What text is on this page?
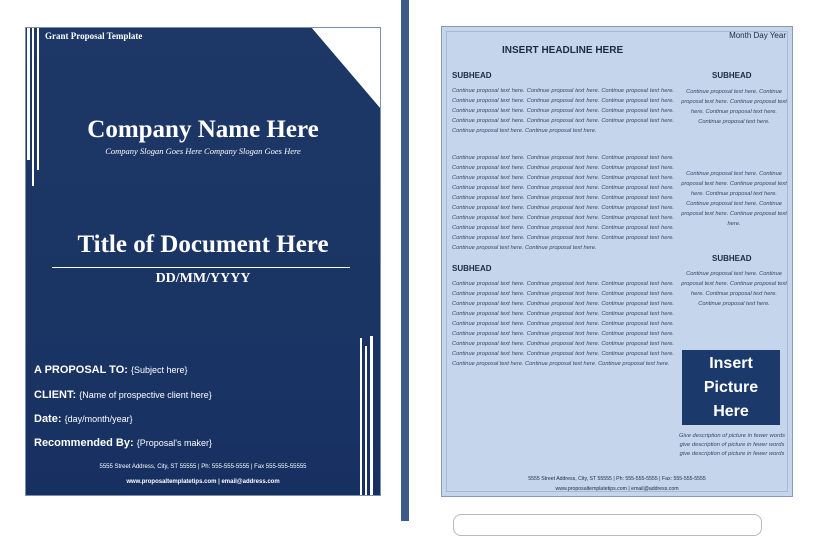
Grant Proposal Template
Company Name Here
Company Slogan Goes Here Company Slogan Goes Here
Title of Document Here
DD/MM/YYYY
A PROPOSAL TO: {Subject here}
CLIENT: {Name of prospective client here}
Date: {day/month/year}
Recommended By: {Proposal's maker}
5555 Street Address, City, ST 55555 | Ph: 555-555-5555 | Fax 555-555-55555
www.proposaltemplatetips.com | email@address.com
Month Day Year
INSERT HEADLINE HERE
SUBHEAD
Continue proposal text here. Continue proposal text here. Continue proposal text here. Continue proposal text here. Continue proposal text here. Continue proposal text here. Continue proposal text here. Continue proposal text here. Continue proposal text here. Continue proposal text here. Continue proposal text here. Continue proposal text here. Continue proposal text here. Continue proposal text here.
Continue proposal text here. Continue proposal text here. Continue proposal text here. Continue proposal text here. Continue proposal text here. Continue proposal text here. Continue proposal text here. Continue proposal text here. Continue proposal text here. Continue proposal text here. Continue proposal text here. Continue proposal text here. Continue proposal text here. Continue proposal text here. Continue proposal text here. Continue proposal text here. Continue proposal text here. Continue proposal text here. Continue proposal text here. Continue proposal text here. Continue proposal text here. Continue proposal text here. Continue proposal text here. Continue proposal text here. Continue proposal text here. Continue proposal text here. Continue proposal text here. Continue proposal text here. Continue proposal text here.
SUBHEAD
Continue proposal text here. Continue proposal text here. Continue proposal text here. Continue proposal text here. Continue proposal text here. Continue proposal text here. Continue proposal text here. Continue proposal text here. Continue proposal text here. Continue proposal text here. Continue proposal text here. Continue proposal text here. Continue proposal text here. Continue proposal text here. Continue proposal text here. Continue proposal text here. Continue proposal text here. Continue proposal text here. Continue proposal text here. Continue proposal text here. Continue proposal text here. Continue proposal text here. Continue proposal text here. Continue proposal text here. Continue proposal text here. Continue proposal text here. Continue proposal text here.
SUBHEAD
Continue proposal text here. Continue proposal text here. Continue proposal text here. Continue proposal text here. Continue proposal text here.
Continue proposal text here. Continue proposal text here. Continue proposal text here. Continue proposal text here. Continue proposal text here. Continue proposal text here. Continue proposal text here.
SUBHEAD
Continue proposal text here. Continue proposal text here. Continue proposal text here. Continue proposal text here. Continue proposal text here.
Insert Picture Here
Give description of picture in fewer words give description of picture in fewer words give description of picture in fewer words
5555 Street Address, City, ST 55555 | Ph: 555-555-5555 | Fax: 555-555-5555
www.proposaltemplatetips.com | email@address.com
